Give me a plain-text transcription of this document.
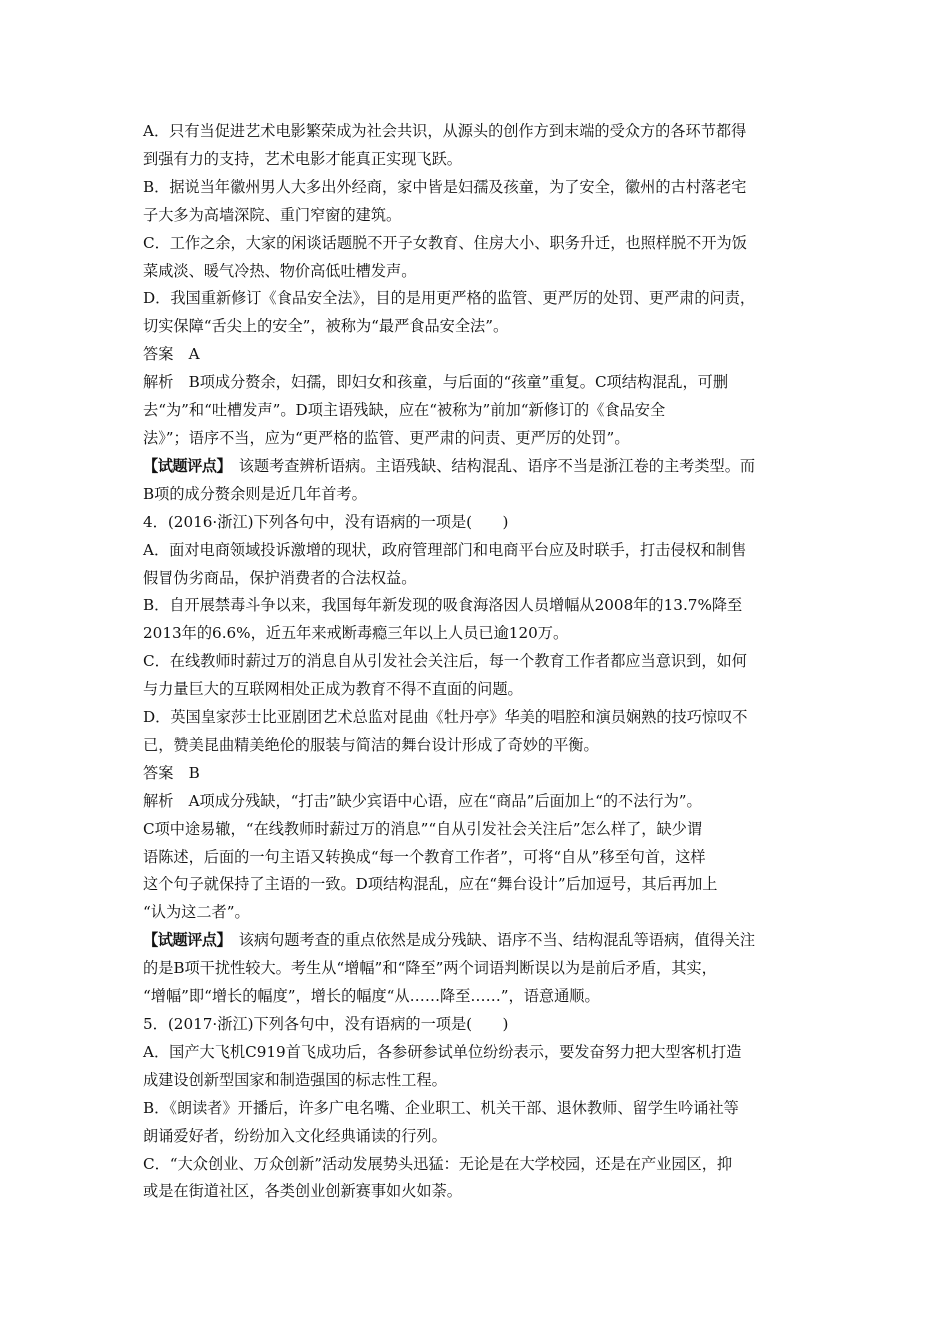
A．只有当促进艺术电影繁荣成为社会共识，从源头的创作方到末端的受众方的各环节都得

到强有力的支持，艺术电影才能真正实现飞跃。

B．据说当年徽州男人大多出外经商，家中皆是妇孺及孩童，为了安全，徽州的古村落老宅

子大多为高墙深院、重门窄窗的建筑。

C．工作之余，大家的闲谈话题脱不开子女教育、住房大小、职务升迁，也照样脱不开为饭

菜咸淡、暖气冷热、物价高低吐槽发声。

D．我国重新修订《食品安全法》，目的是用更严格的监管、更严厉的处罚、更严肃的问责，

切实保障“舌尖上的安全”，被称为“最严食品安全法”。

答案　A

解析　B项成分赘余，妇孺，即妇女和孩童，与后面的“孩童”重复。C项结构混乱，可删

去“为”和“吐槽发声”。D项主语残缺，应在“被称为”前加“新修订的《食品安全

法》”；语序不当，应为“更严格的监管、更严肃的问责、更严厉的处罚”。

【试题评点】　该题考查辨析语病。主语残缺、结构混乱、语序不当是浙江卷的主考类型。而

B项的成分赘余则是近几年首考。

4．(2016·浙江)下列各句中，没有语病的一项是(　　)

A．面对电商领域投诉激增的现状，政府管理部门和电商平台应及时联手，打击侵权和制售

假冒伪劣商品，保护消费者的合法权益。

B．自开展禁毒斗争以来，我国每年新发现的吸食海洛因人员增幅从2008年的13.7%降至

2013年的6.6%，近五年来戒断毒瘾三年以上人员已逾120万。

C．在线教师时薪过万的消息自从引发社会关注后，每一个教育工作者都应当意识到，如何

与力量巨大的互联网相处正成为教育不得不直面的问题。

D．英国皇家莎士比亚剧团艺术总监对昆曲《牡丹亭》华美的唱腔和演员娴熟的技巧惊叹不

已，赞美昆曲精美绝伦的服装与简洁的舞台设计形成了奇妙的平衡。

答案　B

解析　A项成分残缺，“打击”缺少宾语中心语，应在“商品”后面加上“的不法行为”。

C项中途易辙，“在线教师时薪过万的消息”“自从引发社会关注后”怎么样了，缺少谓

语陈述，后面的一句主语又转换成“每一个教育工作者”，可将“自从”移至句首，这样

这个句子就保持了主语的一致。D项结构混乱，应在“舞台设计”后加逗号，其后再加上

“认为这二者”。

【试题评点】　该病句题考查的重点依然是成分残缺、语序不当、结构混乱等语病，值得关注

的是B项干扰性较大。考生从“增幅”和“降至”两个词语判断误以为是前后矛盾，其实，

“增幅”即“增长的幅度”，增长的幅度“从……降至……”，语意通顺。

5．(2017·浙江)下列各句中，没有语病的一项是(　　)

A．国产大飞机C919首飞成功后，各参研参试单位纷纷表示，要发奋努力把大型客机打造

成建设创新型国家和制造强国的标志性工程。

B．《朗读者》开播后，许多广电名嘴、企业职工、机关干部、退休教师、留学生吟诵社等

朗诵爱好者，纷纷加入文化经典诵读的行列。

C．“大众创业、万众创新”活动发展势头迅猛：无论是在大学校园，还是在产业园区，抑

或是在街道社区，各类创业创新赛事如火如荼。
